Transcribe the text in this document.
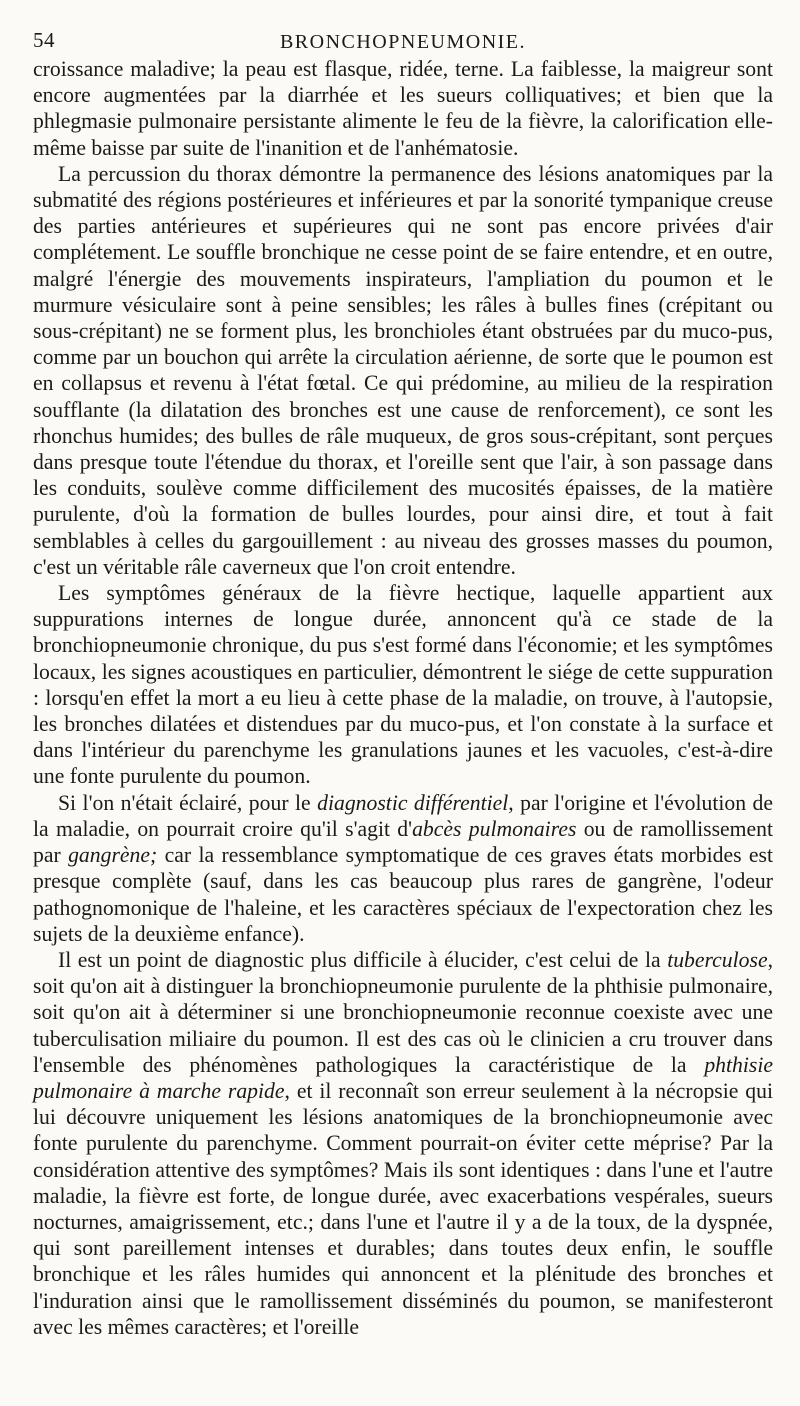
54	BRONCHOPNEUMONIE.

croissance maladive; la peau est flasque, ridée, terne. La faiblesse, la maigreur sont encore augmentées par la diarrhée et les sueurs colliquatives; et bien que la phlegmasie pulmonaire persistante alimente le feu de la fièvre, la calorification elle-même baisse par suite de l'inanition et de l'anhématosie.

La percussion du thorax démontre la permanence des lésions anatomiques par la submatité des régions postérieures et inférieures et par la sonorité tympanique creuse des parties antérieures et supérieures qui ne sont pas encore privées d'air complétement. Le souffle bronchique ne cesse point de se faire entendre, et en outre, malgré l'énergie des mouvements inspirateurs, l'ampliation du poumon et le murmure vésiculaire sont à peine sensibles; les râles à bulles fines (crépitant ou sous-crépitant) ne se forment plus, les bronchioles étant obstruées par du muco-pus, comme par un bouchon qui arrête la circulation aérienne, de sorte que le poumon est en collapsus et revenu à l'état fœtal. Ce qui prédomine, au milieu de la respiration soufflante (la dilatation des bronches est une cause de renforcement), ce sont les rhonchus humides; des bulles de râle muqueux, de gros sous-crépitant, sont perçues dans presque toute l'étendue du thorax, et l'oreille sent que l'air, à son passage dans les conduits, soulève comme difficilement des mucosités épaisses, de la matière purulente, d'où la formation de bulles lourdes, pour ainsi dire, et tout à fait semblables à celles du gargouillement : au niveau des grosses masses du poumon, c'est un véritable râle caverneux que l'on croit entendre.

Les symptômes généraux de la fièvre hectique, laquelle appartient aux suppurations internes de longue durée, annoncent qu'à ce stade de la bronchiopneumonie chronique, du pus s'est formé dans l'économie; et les symptômes locaux, les signes acoustiques en particulier, démontrent le siége de cette suppuration : lorsqu'en effet la mort a eu lieu à cette phase de la maladie, on trouve, à l'autopsie, les bronches dilatées et distendues par du muco-pus, et l'on constate à la surface et dans l'intérieur du parenchyme les granulations jaunes et les vacuoles, c'est-à-dire une fonte purulente du poumon.

Si l'on n'était éclairé, pour le diagnostic différentiel, par l'origine et l'évolution de la maladie, on pourrait croire qu'il s'agit d'abcès pulmonaires ou de ramollissement par gangrène; car la ressemblance symptomatique de ces graves états morbides est presque complète (sauf, dans les cas beaucoup plus rares de gangrène, l'odeur pathognomonique de l'haleine, et les caractères spéciaux de l'expectoration chez les sujets de la deuxième enfance).

Il est un point de diagnostic plus difficile à élucider, c'est celui de la tuberculose, soit qu'on ait à distinguer la bronchiopneumonie purulente de la phthisie pulmonaire, soit qu'on ait à déterminer si une bronchiopneumonie reconnue coexiste avec une tuberculisation miliaire du poumon. Il est des cas où le clinicien a cru trouver dans l'ensemble des phénomènes pathologiques la caractéristique de la phthisie pulmonaire à marche rapide, et il reconnaît son erreur seulement à la nécropsie qui lui découvre uniquement les lésions anatomiques de la bronchiopneumonie avec fonte purulente du parenchyme. Comment pourrait-on éviter cette méprise? Par la considération attentive des symptômes? Mais ils sont identiques : dans l'une et l'autre maladie, la fièvre est forte, de longue durée, avec exacerbations vespérales, sueurs nocturnes, amaigrissement, etc.; dans l'une et l'autre il y a de la toux, de la dyspnée, qui sont pareillement intenses et durables; dans toutes deux enfin, le souffle bronchique et les râles humides qui annoncent et la plénitude des bronches et l'induration ainsi que le ramollissement disséminés du poumon, se manifesteront avec les mêmes caractères; et l'oreille
